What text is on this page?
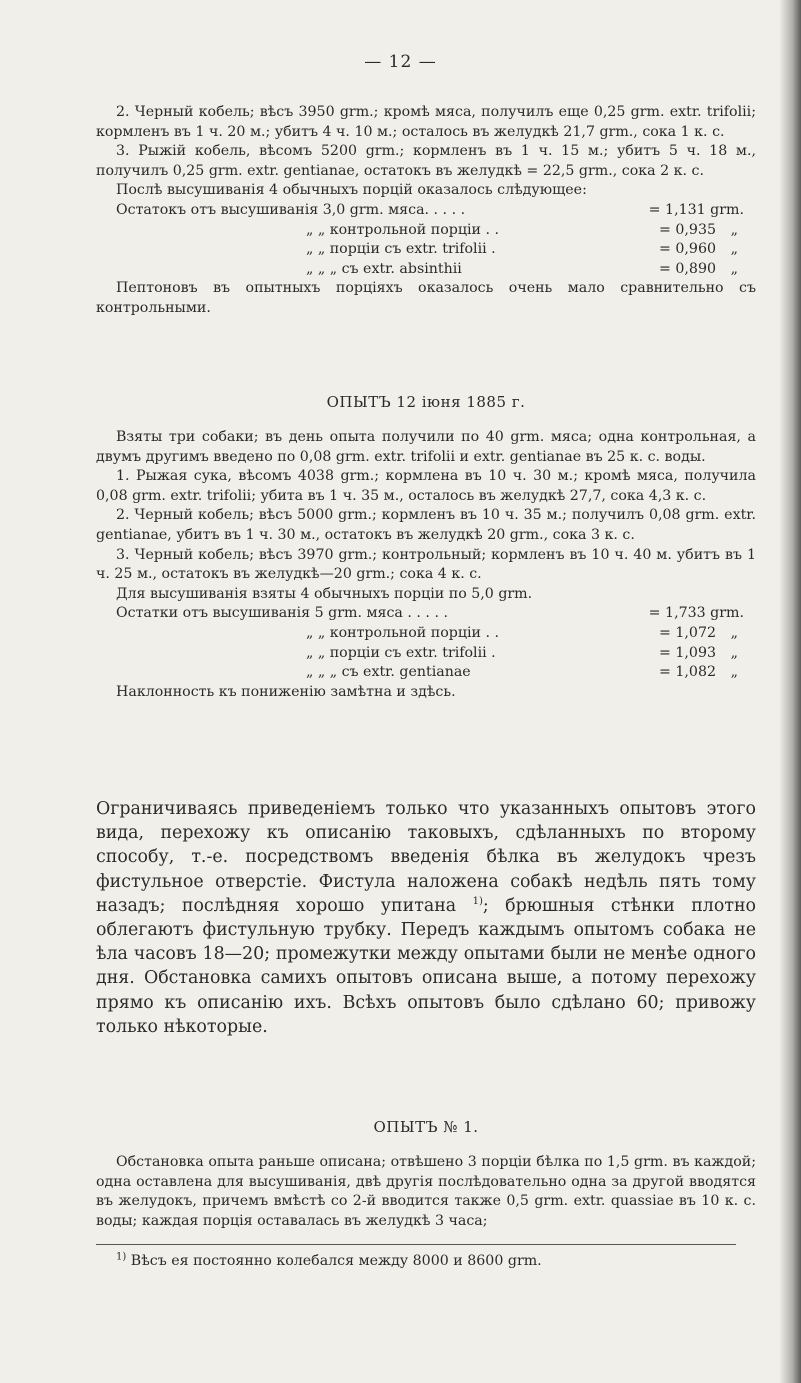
— 12 —

2. Черный кобель; вѣсъ 3950 grm.; кромѣ мяса, получилъ еще 0,25 grm. extr. trifolii; кормленъ въ 1 ч. 20 м.; убитъ 4 ч. 10 м.; осталось въ желудкѣ 21,7 grm., сока 1 к. с.

3. Рыжій кобель, вѣсомъ 5200 grm.; кормленъ въ 1 ч. 15 м.; убитъ 5 ч. 18 м., получилъ 0,25 grm. extr. gentianae, остатокъ въ желудкѣ = 22,5 grm., сока 2 к. с.

Послѣ высушиванія 4 обычныхъ порцій оказалось слѣдующее:

Остатокъ отъ высушиванія 3,0 grm. мяса. . . . .	= 1,131 grm.
„ „ контрольной порціи . .	= 0,935 „
„ „ порціи съ extr. trifolii .	= 0,960 „
„ „ „ съ extr. absinthii	= 0,890 „

Пептоновъ въ опытныхъ порціяхъ оказалось очень мало сравнительно съ контрольными.

ОПЫТЪ 12 іюня 1885 г.

Взяты три собаки; въ день опыта получили по 40 grm. мяса; одна контрольная, а двумъ другимъ введено по 0,08 grm. extr. trifolii и extr. gentianae въ 25 к. с. воды.

1. Рыжая сука, вѣсомъ 4038 grm.; кормлена въ 10 ч. 30 м.; кромѣ мяса, получила 0,08 grm. extr. trifolii; убита въ 1 ч. 35 м., осталось въ желудкѣ 27,7, сока 4,3 к. с.

2. Черный кобель; вѣсъ 5000 grm.; кормленъ въ 10 ч. 35 м.; получилъ 0,08 grm. extr. gentianae, убитъ въ 1 ч. 30 м., остатокъ въ желудкѣ 20 grm., сока 3 к. с.

3. Черный кобель; вѣсъ 3970 grm.; контрольный; кормленъ въ 10 ч. 40 м. убитъ въ 1 ч. 25 м., остатокъ въ желудкѣ—20 grm.; сока 4 к. с.

Для высушиванія взяты 4 обычныхъ порціи по 5,0 grm.

Остатки отъ высушиванія 5 grm. мяса . . . . .	= 1,733 grm.
„ „ контрольной порціи . .	= 1,072 „
„ „ порціи съ extr. trifolii .	= 1,093 „
„ „ „ съ extr. gentianae	= 1,082 „

Наклонность къ пониженію замѣтна и здѣсь.

Ограничиваясь приведеніемъ только что указанныхъ опытовъ этого вида, перехожу къ описанію таковыхъ, сдѣланныхъ по второму способу, т.-е. посредствомъ введенія бѣлка въ желудокъ чрезъ фистульное отверстіе. Фистула наложена собакѣ недѣль пять тому назадъ; послѣдняя хорошо упитана $^{1)}$; брюшныя стѣнки плотно облегаютъ фистульную трубку. Передъ каждымъ опытомъ собака не ѣла часовъ 18—20; промежутки между опытами были не менѣе одного дня. Обстановка самихъ опытовъ описана выше, а потому перехожу прямо къ описанію ихъ. Всѣхъ опытовъ было сдѣлано 60; привожу только нѣкоторые.

ОПЫТЪ № 1.

Обстановка опыта раньше описана; отвѣшено 3 порціи бѣлка по 1,5 grm. въ каждой; одна оставлена для высушиванія, двѣ другія послѣдовательно одна за другой вводятся въ желудокъ, причемъ вмѣстѣ со 2-й вводится также 0,5 grm. extr. quassiae въ 10 к. с. воды; каждая порція оставалась въ желудкѣ 3 часа;

$^{1)}$ Вѣсъ ея постоянно колебался между 8000 и 8600 grm.
